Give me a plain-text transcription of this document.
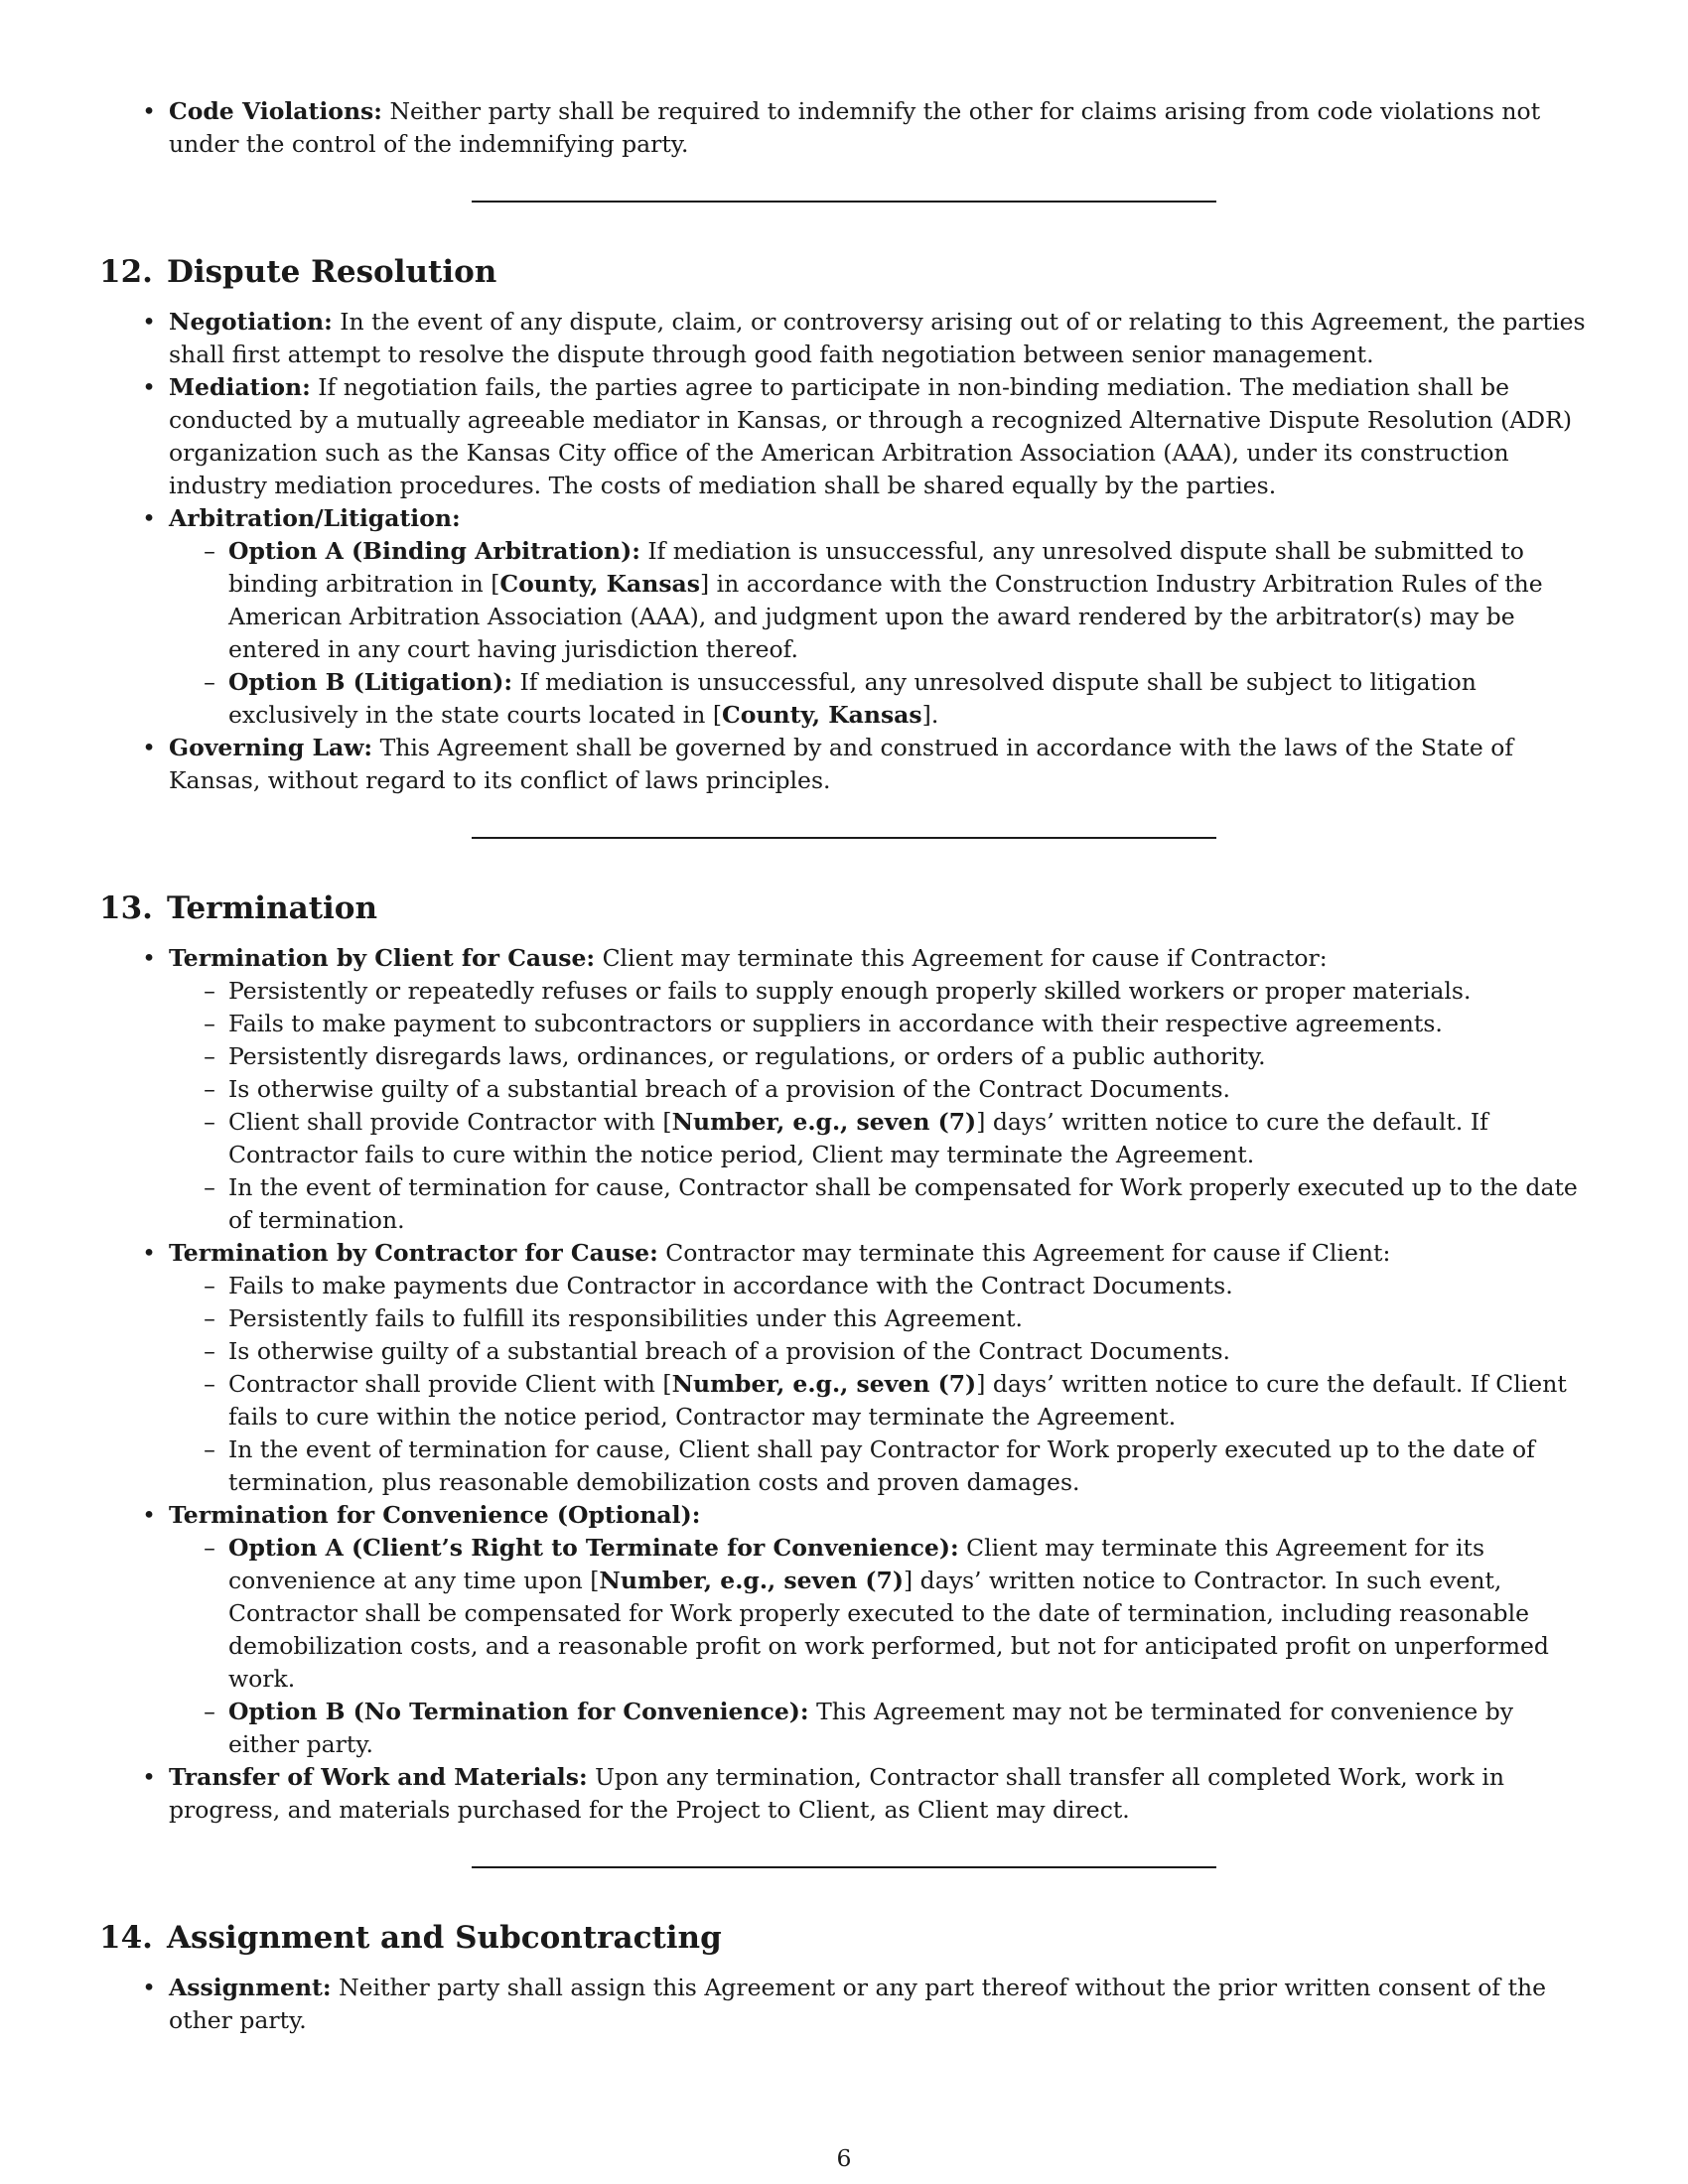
• Code Violations: Neither party shall be required to indemnify the other for claims arising from code violations not under the control of the indemnifying party.
12. Dispute Resolution
• Negotiation: In the event of any dispute, claim, or controversy arising out of or relating to this Agreement, the parties shall first attempt to resolve the dispute through good faith negotiation between senior management.
• Mediation: If negotiation fails, the parties agree to participate in non-binding mediation. The mediation shall be conducted by a mutually agreeable mediator in Kansas, or through a recognized Alternative Dispute Resolution (ADR) organization such as the Kansas City office of the American Arbitration Association (AAA), under its construction industry mediation procedures. The costs of mediation shall be shared equally by the parties.
• Arbitration/Litigation:
– Option A (Binding Arbitration): If mediation is unsuccessful, any unresolved dispute shall be submitted to binding arbitration in [County, Kansas] in accordance with the Construction Industry Arbitration Rules of the American Arbitration Association (AAA), and judgment upon the award rendered by the arbitrator(s) may be entered in any court having jurisdiction thereof.
– Option B (Litigation): If mediation is unsuccessful, any unresolved dispute shall be subject to litigation exclusively in the state courts located in [County, Kansas].
• Governing Law: This Agreement shall be governed by and construed in accordance with the laws of the State of Kansas, without regard to its conflict of laws principles.
13. Termination
• Termination by Client for Cause: Client may terminate this Agreement for cause if Contractor:
– Persistently or repeatedly refuses or fails to supply enough properly skilled workers or proper materials.
– Fails to make payment to subcontractors or suppliers in accordance with their respective agreements.
– Persistently disregards laws, ordinances, or regulations, or orders of a public authority.
– Is otherwise guilty of a substantial breach of a provision of the Contract Documents.
– Client shall provide Contractor with [Number, e.g., seven (7)] days’ written notice to cure the default. If Contractor fails to cure within the notice period, Client may terminate the Agreement.
– In the event of termination for cause, Contractor shall be compensated for Work properly executed up to the date of termination.
• Termination by Contractor for Cause: Contractor may terminate this Agreement for cause if Client:
– Fails to make payments due Contractor in accordance with the Contract Documents.
– Persistently fails to fulfill its responsibilities under this Agreement.
– Is otherwise guilty of a substantial breach of a provision of the Contract Documents.
– Contractor shall provide Client with [Number, e.g., seven (7)] days’ written notice to cure the default. If Client fails to cure within the notice period, Contractor may terminate the Agreement.
– In the event of termination for cause, Client shall pay Contractor for Work properly executed up to the date of termination, plus reasonable demobilization costs and proven damages.
• Termination for Convenience (Optional):
– Option A (Client’s Right to Terminate for Convenience): Client may terminate this Agreement for its convenience at any time upon [Number, e.g., seven (7)] days’ written notice to Contractor. In such event, Contractor shall be compensated for Work properly executed to the date of termination, including reasonable demobilization costs, and a reasonable profit on work performed, but not for anticipated profit on unperformed work.
– Option B (No Termination for Convenience): This Agreement may not be terminated for convenience by either party.
• Transfer of Work and Materials: Upon any termination, Contractor shall transfer all completed Work, work in progress, and materials purchased for the Project to Client, as Client may direct.
14. Assignment and Subcontracting
• Assignment: Neither party shall assign this Agreement or any part thereof without the prior written consent of the other party.
6
